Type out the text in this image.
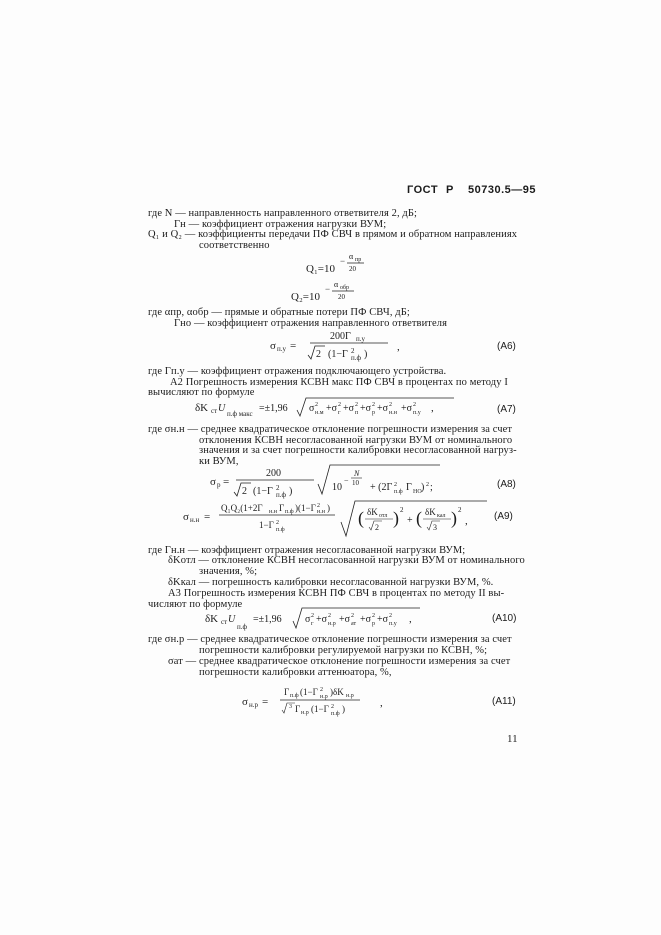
ГОСТ Р 50730.5—95
где N — направленность направленного ответвителя 2, дБ;
Γн — коэффициент отражения нагрузки ВУМ;
Q₁ и Q₂ — коэффициенты передачи ПФ СВЧ в прямом и обратном направлениях
соответственно
Q₁=10
− α пр
20
Q₂=10
− α обр
20
где αпр, αобр — прямые и обратные потери ПФ СВЧ, дБ;
Γно — коэффициент отражения направленного ответвителя
σ п.у =
200Γ п.у
2 (1−Γ 2
п.ф )
,	(А6)
где Γп.у — коэффициент отражения подключающего устройства.
А2 Погрешность измерения КСВН макс ПФ СВЧ в процентах по методу I
вычисляют по формуле
δK ст U п.ф макс =±1,96 σ 2
н.м +σ 2
г +σ 2
п +σ 2
р +σ 2
н.н +σ 2
п.у ,	(А7)
где σн.н — среднее квадратическое отклонение погрешности измерения за счет
отклонения КСВН несогласованной нагрузки ВУМ от номинального
значения и за счет погрешности калибровки несогласованной нагруз-
ки ВУМ,
σ р =
200
2 (1−Γ 2
п.ф )	10
−
N
10 + (2Γ 2
п.ф Γ НО ) 2 ;	(А8)
σ н.н =
Q₁Q₂(1+2Γ н.н Γ п.ф )(1−Γ 2
н.н )
1−Γ 2
п.ф
( δK отл
2 ) 2
+ ( δK кал
3 ) 2
,	(А9)
где Γн.н — коэффициент отражения несогласованной нагрузки ВУМ;
δKотл — отклонение КСВН несогласованной нагрузки ВУМ от номинального
значения, %;
δKкал — погрешность калибровки несогласованной нагрузки ВУМ, %.
А3 Погрешность измерения КСВН ПФ СВЧ в процентах по методу II вы-
числяют по формуле
δK ст U
п.ф
=±1,96 σ 2
г +σ 2
н.р +σ 2
ат +σ 2
р +σ 2
п.у ,	(А10)
где σн.р — среднее квадратическое отклонение погрешности измерения за счет
погрешности калибровки регулируемой нагрузки по КСВН, %;
σат — среднее квадратическое отклонение погрешности измерения за счет
погрешности калибровки аттенюатора, %,
σ н.р =
Γ п.ф (1−Γ 2
н.р )δK н.р
3 Γ н.р (1−Γ 2
п.ф )	,	(А11)
11
